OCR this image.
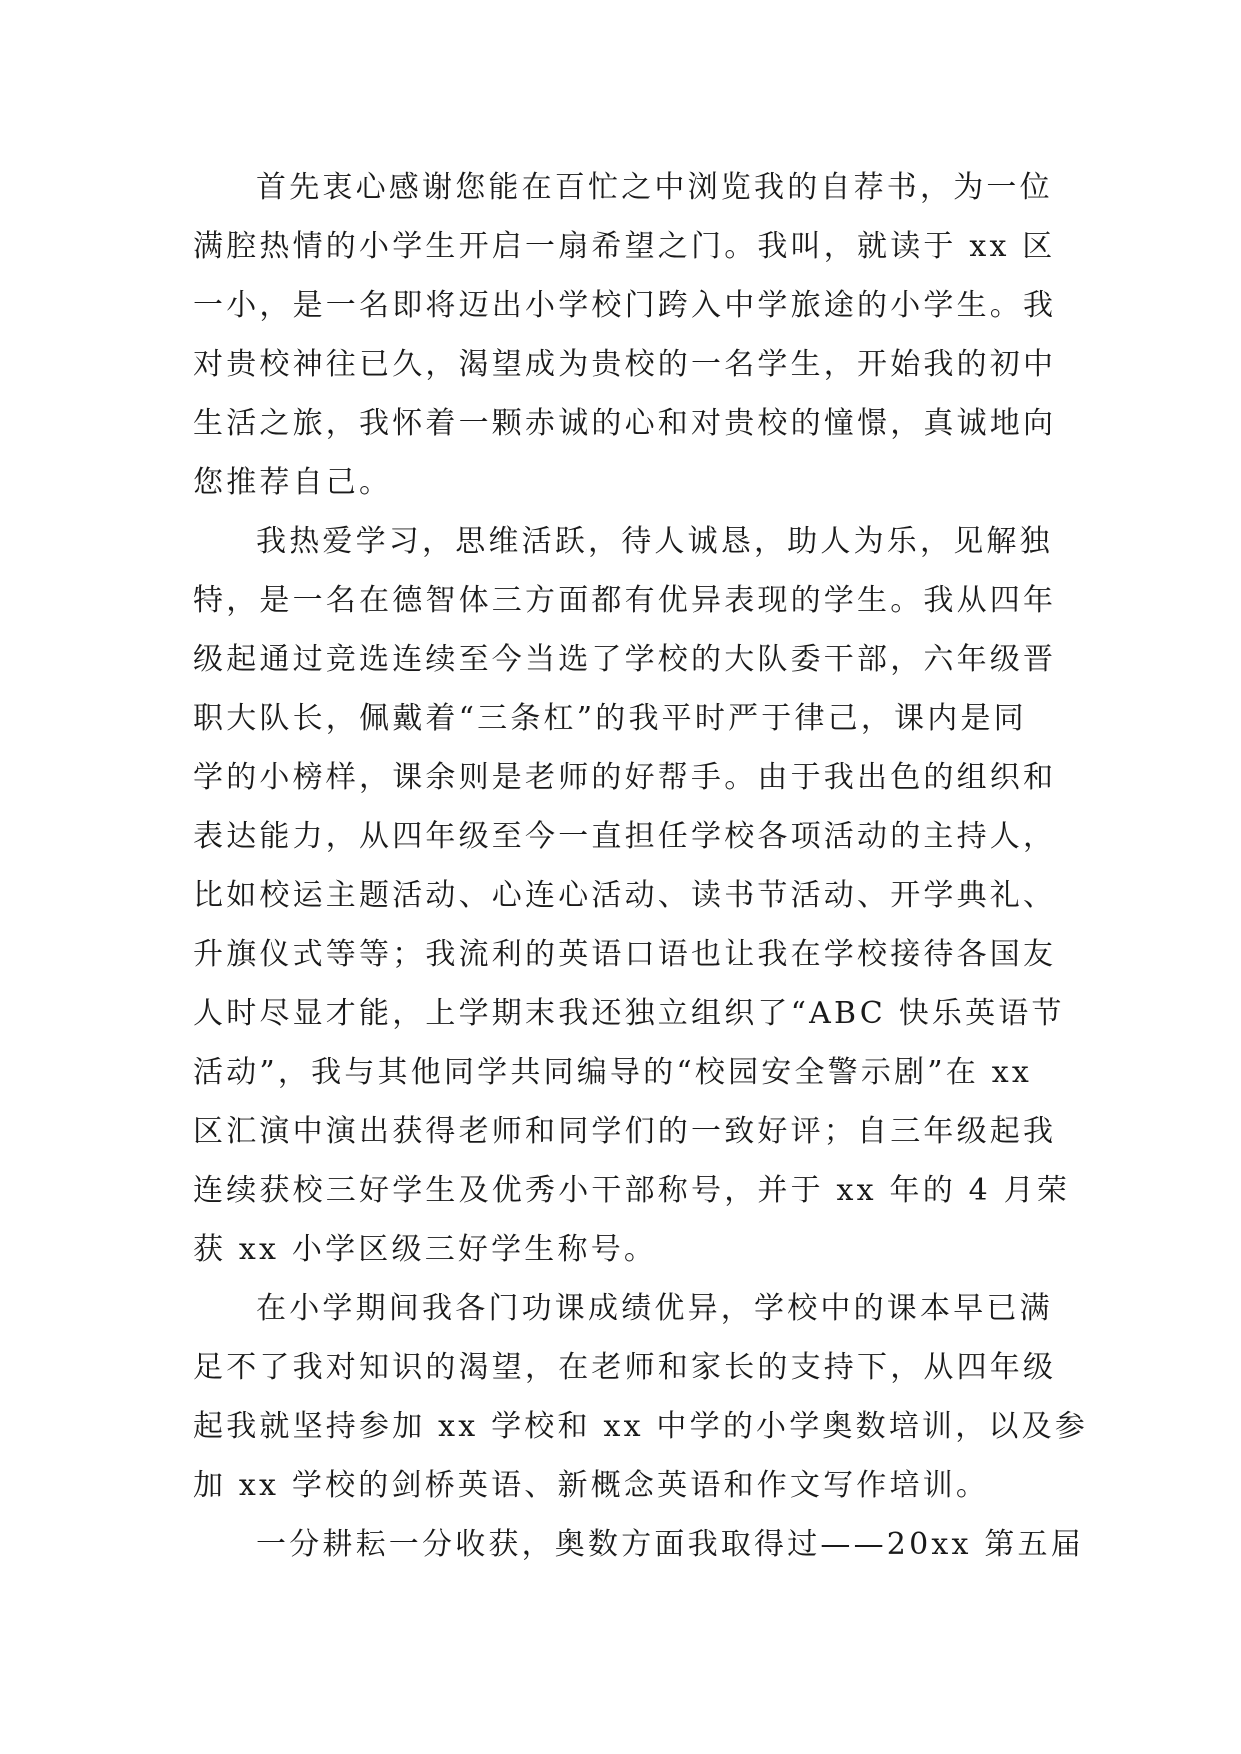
首先衷心感谢您能在百忙之中浏览我的自荐书，为一位
满腔热情的小学生开启一扇希望之门。我叫，就读于 xx 区
一小，是一名即将迈出小学校门跨入中学旅途的小学生。我
对贵校神往已久，渴望成为贵校的一名学生，开始我的初中
生活之旅，我怀着一颗赤诚的心和对贵校的憧憬，真诚地向
您推荐自己。
我热爱学习，思维活跃，待人诚恳，助人为乐，见解独
特，是一名在德智体三方面都有优异表现的学生。我从四年
级起通过竞选连续至今当选了学校的大队委干部，六年级晋
职大队长，佩戴着“三条杠”的我平时严于律己，课内是同
学的小榜样，课余则是老师的好帮手。由于我出色的组织和
表达能力，从四年级至今一直担任学校各项活动的主持人，
比如校运主题活动、心连心活动、读书节活动、开学典礼、
升旗仪式等等；我流利的英语口语也让我在学校接待各国友
人时尽显才能，上学期末我还独立组织了“ABC 快乐英语节
活动”，我与其他同学共同编导的“校园安全警示剧”在 xx
区汇演中演出获得老师和同学们的一致好评；自三年级起我
连续获校三好学生及优秀小干部称号，并于 xx 年的 4 月荣
获 xx 小学区级三好学生称号。
在小学期间我各门功课成绩优异，学校中的课本早已满
足不了我对知识的渴望，在老师和家长的支持下，从四年级
起我就坚持参加 xx 学校和 xx 中学的小学奥数培训，以及参
加 xx 学校的剑桥英语、新概念英语和作文写作培训。
一分耕耘一分收获，奥数方面我取得过——20xx 第五届
